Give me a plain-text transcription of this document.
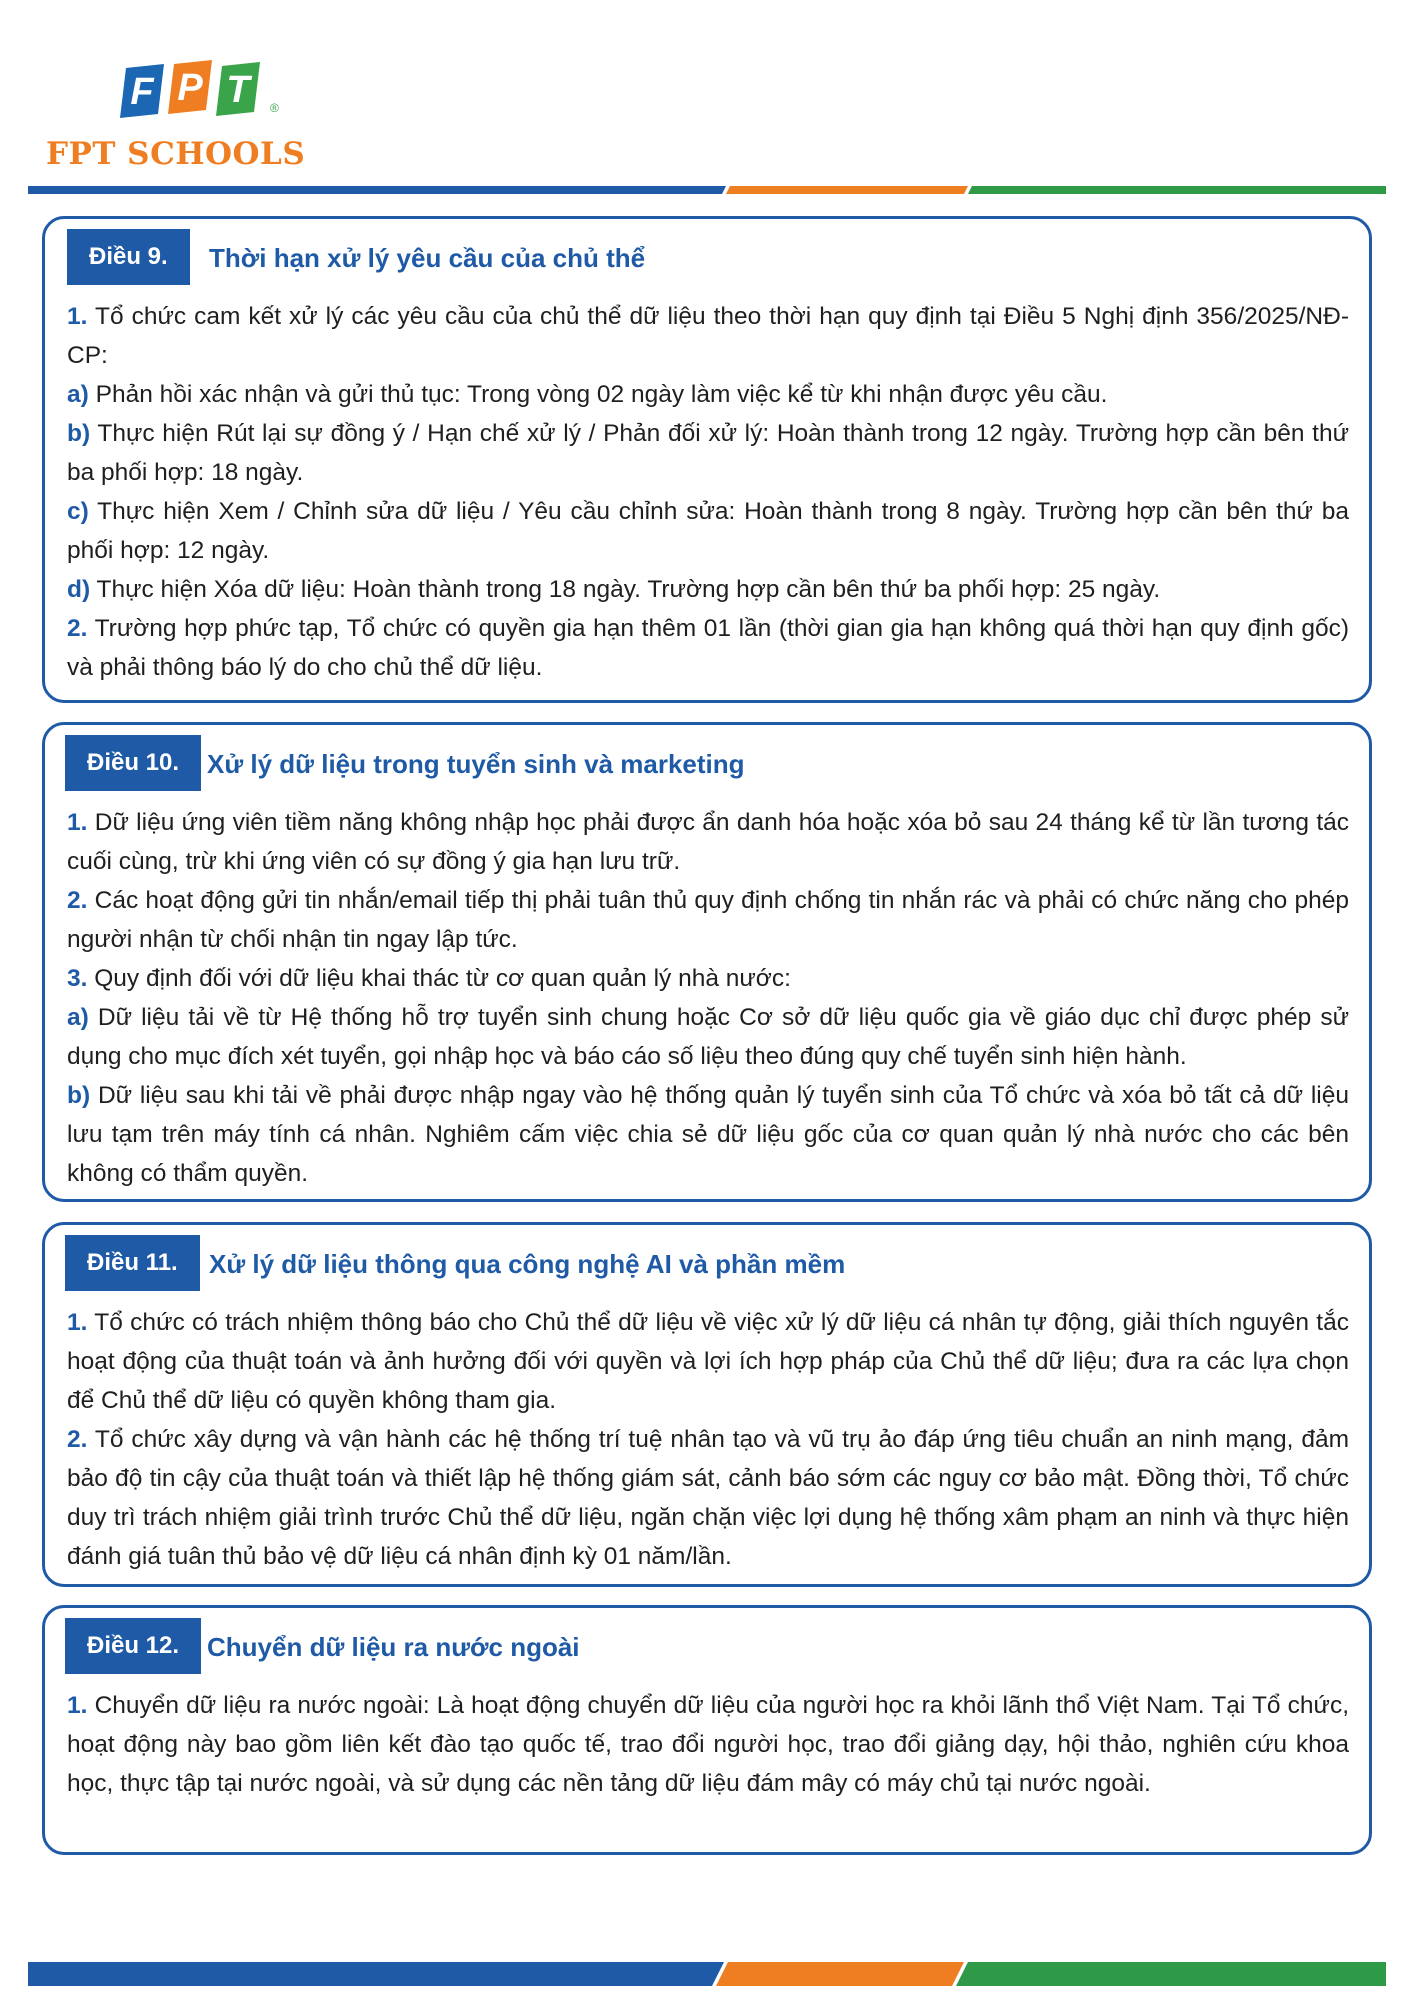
F P T ®
FPT SCHOOLS
Điều 9.	Thời hạn xử lý yêu cầu của chủ thể

1. Tổ chức cam kết xử lý các yêu cầu của chủ thể dữ liệu theo thời hạn quy định tại Điều 5 Nghị định 356/2025/NĐ-CP:

a) Phản hồi xác nhận và gửi thủ tục: Trong vòng 02 ngày làm việc kể từ khi nhận được yêu cầu.

b) Thực hiện Rút lại sự đồng ý / Hạn chế xử lý / Phản đối xử lý: Hoàn thành trong 12 ngày. Trường hợp cần bên thứ ba phối hợp: 18 ngày.

c) Thực hiện Xem / Chỉnh sửa dữ liệu / Yêu cầu chỉnh sửa: Hoàn thành trong 8 ngày. Trường hợp cần bên thứ ba phối hợp: 12 ngày.

d) Thực hiện Xóa dữ liệu: Hoàn thành trong 18 ngày. Trường hợp cần bên thứ ba phối hợp: 25 ngày.

2. Trường hợp phức tạp, Tổ chức có quyền gia hạn thêm 01 lần (thời gian gia hạn không quá thời hạn quy định gốc) và phải thông báo lý do cho chủ thể dữ liệu.

Điều 10.	Xử lý dữ liệu trong tuyển sinh và marketing

1. Dữ liệu ứng viên tiềm năng không nhập học phải được ẩn danh hóa hoặc xóa bỏ sau 24 tháng kể từ lần tương tác cuối cùng, trừ khi ứng viên có sự đồng ý gia hạn lưu trữ.

2. Các hoạt động gửi tin nhắn/email tiếp thị phải tuân thủ quy định chống tin nhắn rác và phải có chức năng cho phép người nhận từ chối nhận tin ngay lập tức.

3. Quy định đối với dữ liệu khai thác từ cơ quan quản lý nhà nước:

a) Dữ liệu tải về từ Hệ thống hỗ trợ tuyển sinh chung hoặc Cơ sở dữ liệu quốc gia về giáo dục chỉ được phép sử dụng cho mục đích xét tuyển, gọi nhập học và báo cáo số liệu theo đúng quy chế tuyển sinh hiện hành.

b) Dữ liệu sau khi tải về phải được nhập ngay vào hệ thống quản lý tuyển sinh của Tổ chức và xóa bỏ tất cả dữ liệu lưu tạm trên máy tính cá nhân. Nghiêm cấm việc chia sẻ dữ liệu gốc của cơ quan quản lý nhà nước cho các bên không có thẩm quyền.

Điều 11.	Xử lý dữ liệu thông qua công nghệ AI và phần mềm

1. Tổ chức có trách nhiệm thông báo cho Chủ thể dữ liệu về việc xử lý dữ liệu cá nhân tự động, giải thích nguyên tắc hoạt động của thuật toán và ảnh hưởng đối với quyền và lợi ích hợp pháp của Chủ thể dữ liệu; đưa ra các lựa chọn để Chủ thể dữ liệu có quyền không tham gia.

2. Tổ chức xây dựng và vận hành các hệ thống trí tuệ nhân tạo và vũ trụ ảo đáp ứng tiêu chuẩn an ninh mạng, đảm bảo độ tin cậy của thuật toán và thiết lập hệ thống giám sát, cảnh báo sớm các nguy cơ bảo mật. Đồng thời, Tổ chức duy trì trách nhiệm giải trình trước Chủ thể dữ liệu, ngăn chặn việc lợi dụng hệ thống xâm phạm an ninh và thực hiện đánh giá tuân thủ bảo vệ dữ liệu cá nhân định kỳ 01 năm/lần.

Điều 12.	Chuyển dữ liệu ra nước ngoài

1. Chuyển dữ liệu ra nước ngoài: Là hoạt động chuyển dữ liệu của người học ra khỏi lãnh thổ Việt Nam. Tại Tổ chức, hoạt động này bao gồm liên kết đào tạo quốc tế, trao đổi người học, trao đổi giảng dạy, hội thảo, nghiên cứu khoa học, thực tập tại nước ngoài, và sử dụng các nền tảng dữ liệu đám mây có máy chủ tại nước ngoài.
